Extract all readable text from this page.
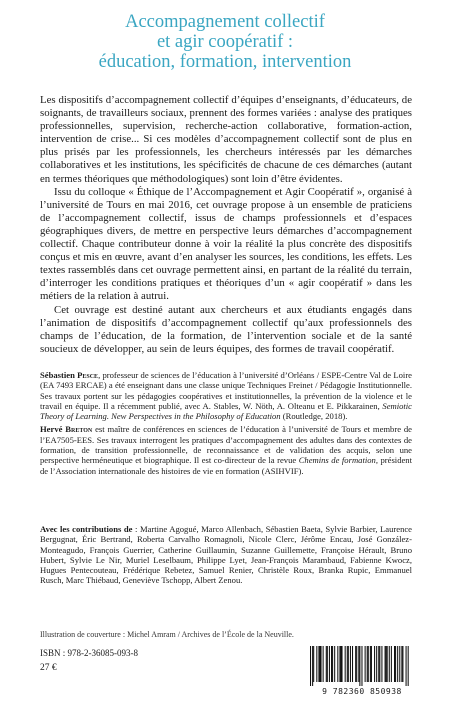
Accompagnement collectif
et agir coopératif :
éducation, formation, intervention

Les dispositifs d’accompagnement collectif d’équipes d’enseignants, d’éducateurs, de soignants, de travailleurs sociaux, prennent des formes variées : analyse des pratiques professionnelles, supervision, recherche-action collaborative, formation-action, intervention de crise... Si ces modèles d’accompagnement collectif sont de plus en plus prisés par les professionnels, les chercheurs intéressés par les démarches collaboratives et les institutions, les spécificités de chacune de ces démarches (autant en termes théoriques que méthodologiques) sont loin d’être évidentes.

Issu du colloque « Éthique de l’Accompagnement et Agir Coopératif », organisé à l’université de Tours en mai 2016, cet ouvrage propose à un ensemble de praticiens de l’accompagnement collectif, issus de champs professionnels et d’espaces géographiques divers, de mettre en perspective leurs démarches d’accompagnement collectif. Chaque contributeur donne à voir la réalité la plus concrète des dispositifs conçus et mis en œuvre, avant d’en analyser les sources, les conditions, les effets. Les textes rassemblés dans cet ouvrage permettent ainsi, en partant de la réalité du terrain, d’interroger les conditions pratiques et théoriques d’un « agir coopératif » dans les métiers de la relation à autrui.

Cet ouvrage est destiné autant aux chercheurs et aux étudiants engagés dans l’animation de dispositifs d’accompagnement collectif qu’aux professionnels des champs de l’éducation, de la formation, de l’intervention sociale et de la santé soucieux de développer, au sein de leurs équipes, des formes de travail coopératif.

Sébastien Pesce, professeur de sciences de l’éducation à l’université d’Orléans / ESPE-Centre Val de Loire (EA 7493 ERCAE) a été enseignant dans une classe unique Techniques Freinet / Pédagogie Institutionnelle. Ses travaux portent sur les pédagogies coopératives et institutionnelles, la prévention de la violence et le travail en équipe. Il a récemment publié, avec A. Stables, W. Nöth, A. Olteanu et E. Pikkarainen, Semiotic Theory of Learning. New Perspectives in the Philosophy of Education (Routledge, 2018).

Hervé Breton est maître de conférences en sciences de l’éducation à l’université de Tours et membre de l’EA7505-EES. Ses travaux interrogent les pratiques d’accompagnement des adultes dans des contextes de formation, de transition professionnelle, de reconnaissance et de validation des acquis, selon une perspective herméneutique et biographique. Il est co-directeur de la revue Chemins de formation, président de l’Association internationale des histoires de vie en formation (ASIHVIF).

Avec les contributions de : Martine Agogué, Marco Allenbach, Sébastien Baeta, Sylvie Barbier, Laurence Bergugnat, Éric Bertrand, Roberta Carvalho Romagnoli, Nicole Clerc, Jérôme Encau, José González-Monteagudo, François Guerrier, Catherine Guillaumin, Suzanne Guillemette, Françoise Hérault, Bruno Hubert, Sylvie Le Nir, Muriel Leselbaum, Philippe Lyet, Jean-François Marambaud, Fabienne Kwocz, Hugues Pentecouteau, Frédérique Rebetez, Samuel Renier, Christèle Roux, Branka Rupic, Emmanuel Rusch, Marc Thiébaud, Geneviève Tschopp, Albert Zenou.

Illustration de couverture : Michel Amram / Archives de l’École de la Neuville.
ISBN : 978-2-36085-093-8
27 €
9 782360 850938
